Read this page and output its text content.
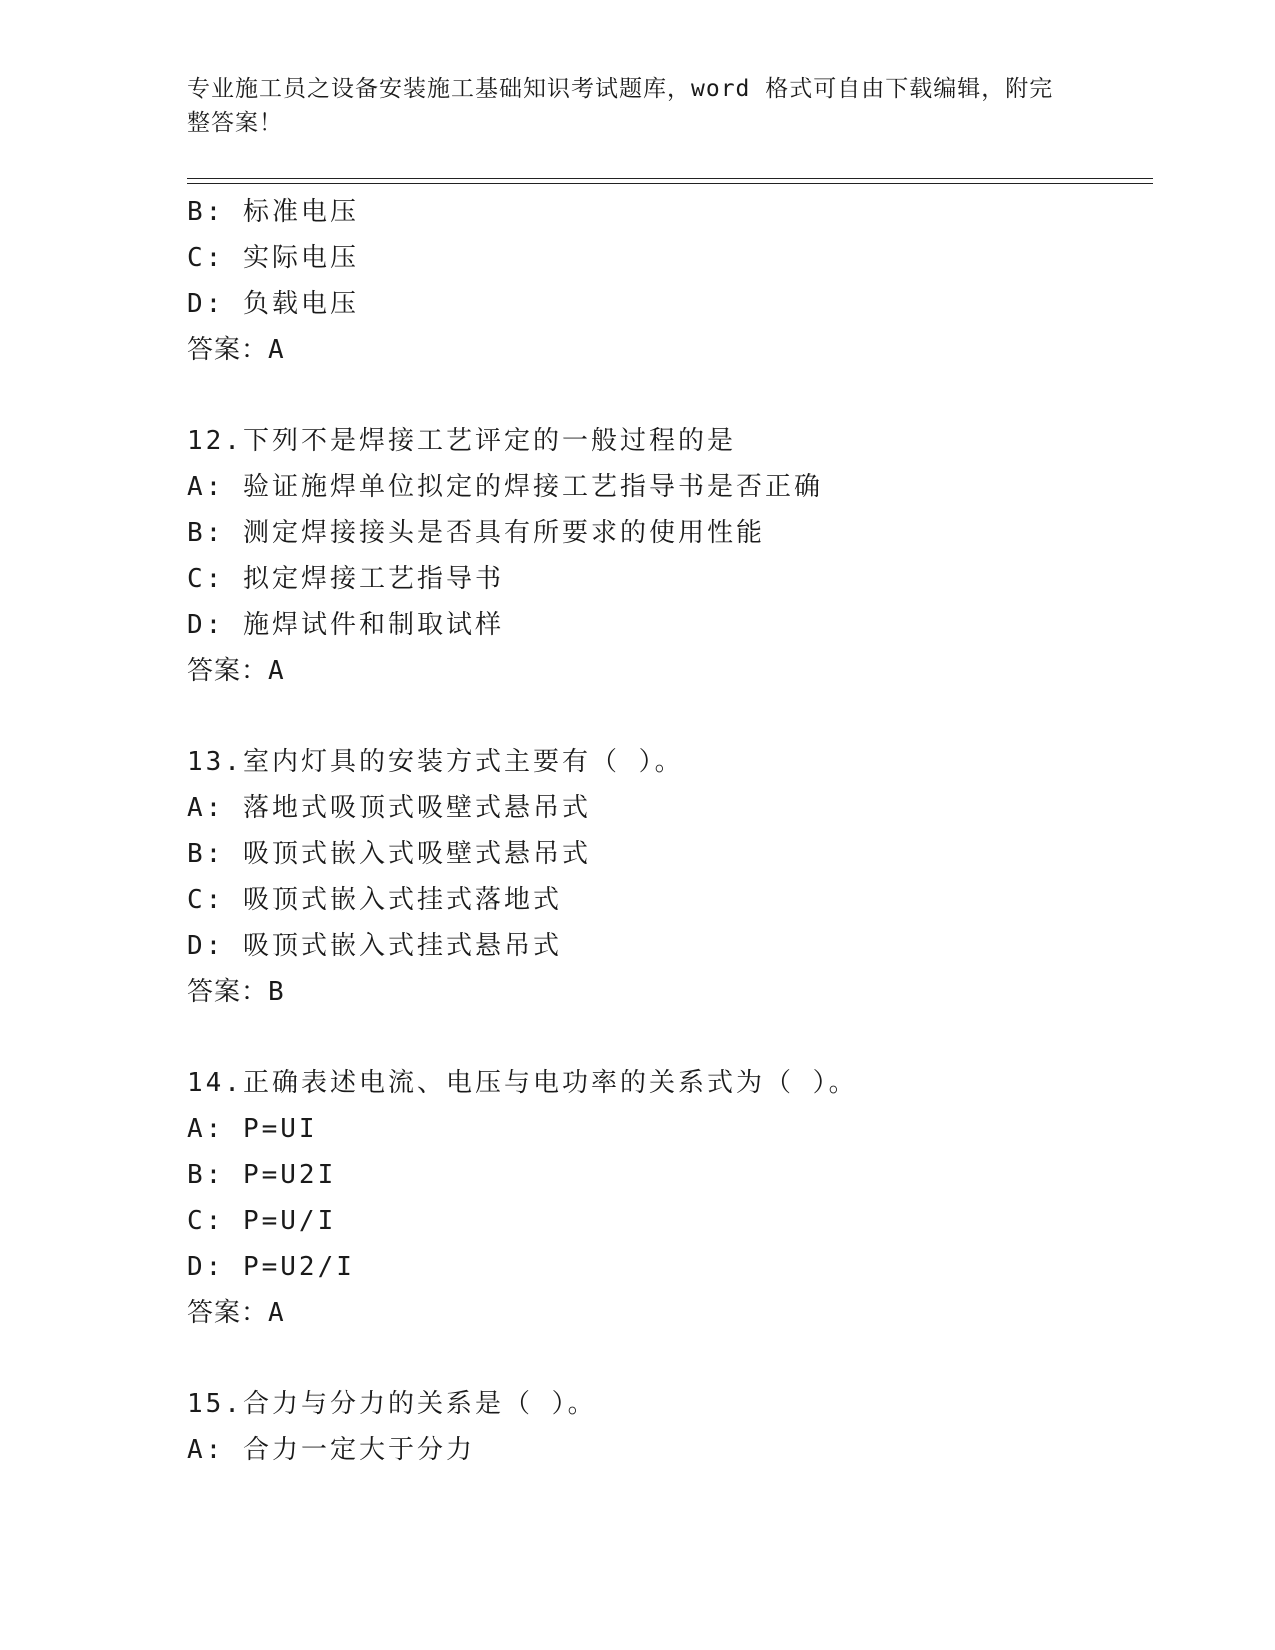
专业施工员之设备安装施工基础知识考试题库，word 格式可自由下载编辑，附完
整答案！
B: 标准电压
C: 实际电压
D: 负载电压
答案：A
12.下列不是焊接工艺评定的一般过程的是
A: 验证施焊单位拟定的焊接工艺指导书是否正确
B: 测定焊接接头是否具有所要求的使用性能
C: 拟定焊接工艺指导书
D: 施焊试件和制取试样
答案：A
13.室内灯具的安装方式主要有（ ）。
A: 落地式吸顶式吸壁式悬吊式
B: 吸顶式嵌入式吸壁式悬吊式
C: 吸顶式嵌入式挂式落地式
D: 吸顶式嵌入式挂式悬吊式
答案：B
14.正确表述电流、电压与电功率的关系式为（ ）。
A: P=UI
B: P=U2I
C: P=U/I
D: P=U2/I
答案：A
15.合力与分力的关系是（ ）。
A: 合力一定大于分力
